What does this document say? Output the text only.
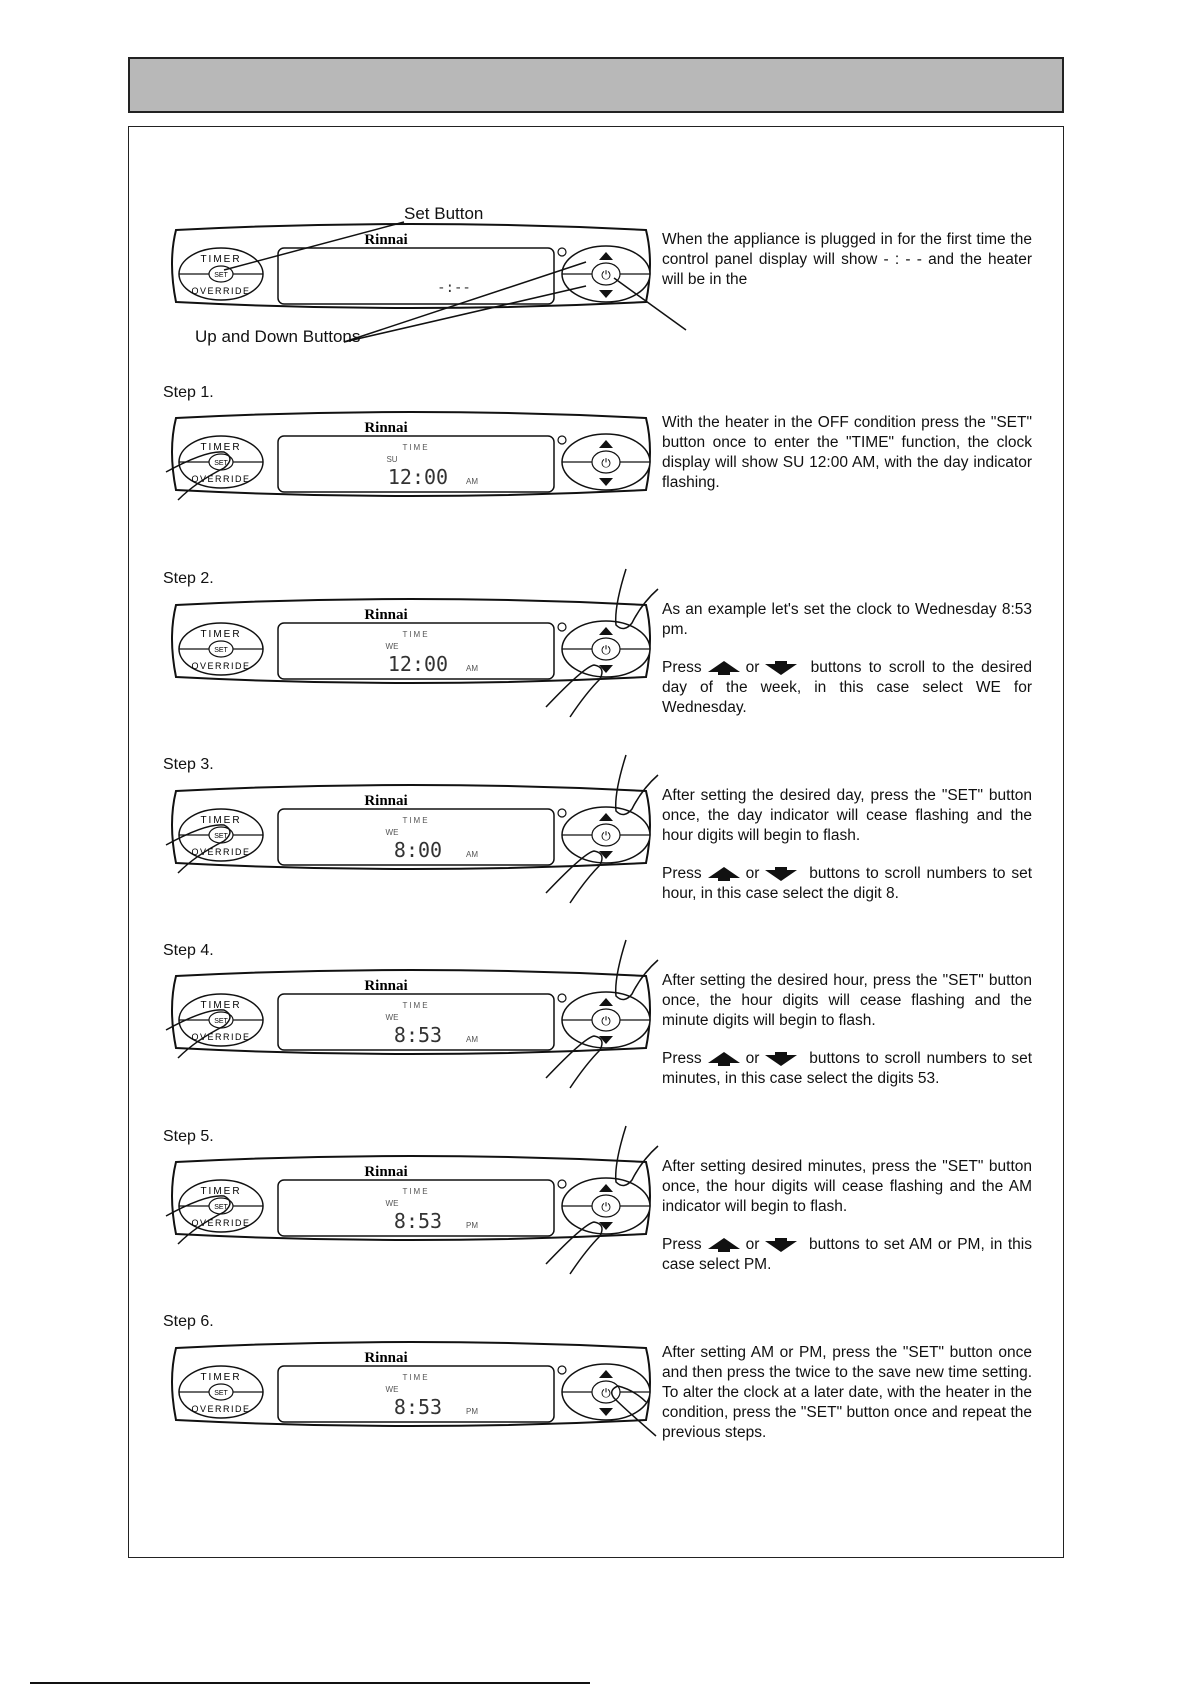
Set Button
Up and Down Buttons
Rinnai
TIMER
OVERRIDE
SET
-:--
⏻

When the appliance is plugged in for the first time the control panel display will show - : - - and the heater will be in the

Step 1.
Rinnai
TIMER
OVERRIDE
SET
TIME
SU
12:00 AM
⏻

With the heater in the OFF condition press the "SET" button once to enter the "TIME" function, the clock display will show SU 12:00 AM, with the day indicator flashing.

Step 2.
Rinnai
TIMER
OVERRIDE
SET
TIME
WE
12:00 AM
⏻

As an example let's set the clock to Wednesday 8:53 pm.

Press	or	buttons to scroll to the desired day of the week, in this case select WE for Wednesday.

Step 3.
Rinnai
TIMER
OVERRIDE
SET
TIME
WE
8:00	AM
⏻

After setting the desired day, press the "SET" button once, the day indicator will cease flashing and the hour digits will begin to flash.

Press	or	buttons to scroll numbers to set hour, in this case select the digit 8.

Step 4.
Rinnai
TIMER
OVERRIDE
SET
TIME
WE
8:53	AM
⏻

After setting the desired hour, press the "SET" button once, the hour digits will cease flashing and the minute digits will begin to flash.

Press	or	buttons to scroll numbers to set minutes, in this case select the digits 53.

Step 5.
Rinnai
TIMER
OVERRIDE
SET
TIME
WE
8:53	PM
⏻

After setting desired minutes, press the "SET" button once, the hour digits will cease flashing and the AM indicator will begin to flash.

Press	or	buttons to set AM or PM, in this case select PM.

Step 6.
Rinnai
TIMER
OVERRIDE
SET
TIME
WE
8:53	PM
⏻

After setting AM or PM, press the "SET" button once and then press the twice to the save new time setting. To alter the clock at a later date, with the heater in the condition, press the "SET" button once and repeat the previous steps.
